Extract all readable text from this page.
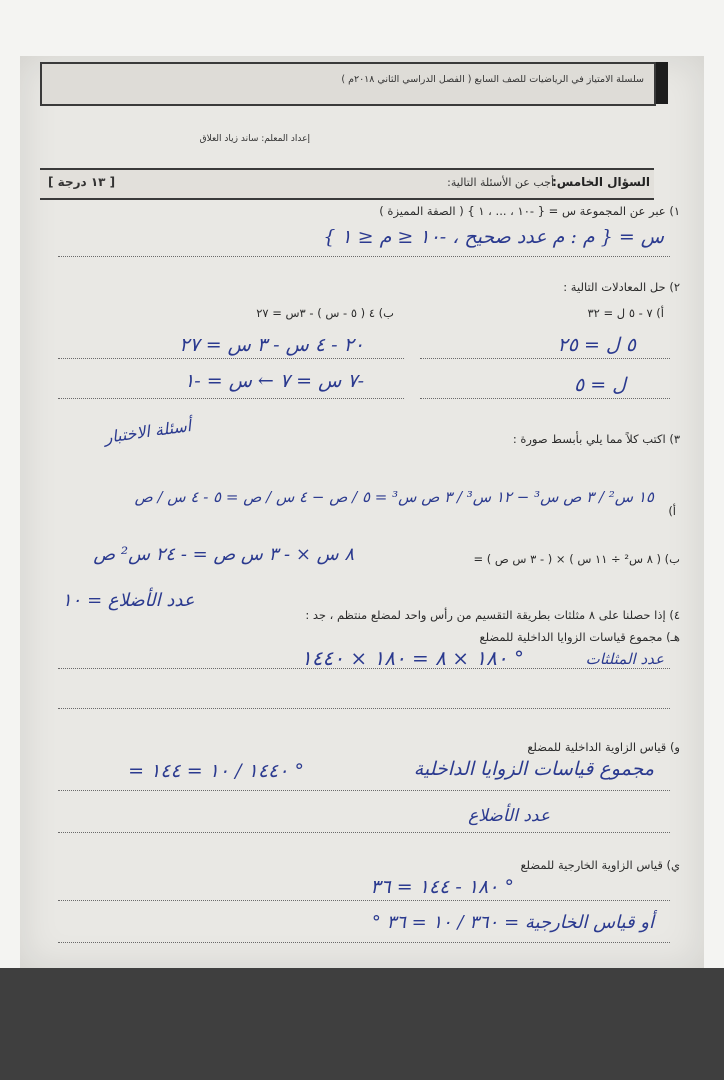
سلسلة الامتياز في الرياضيات للصف السابع ( الفصل الدراسي الثاني ٢٠١٨م )
إعداد المعلم: ساند زياد العلاق
السؤال الخامس:
أجب عن الأسئلة التالية:
[ ١٣ درجة ]
١) عبر عن المجموعة س = { -١٠ ، ... ، ١ } ( الصفة المميزة )
س = { م : م عدد صحيح ، -١٠ ≤ م ≤ ١ }
٢) حل المعادلات التالية :
أ) ٧ - ٥ ل = ٣٢
ب) ٤ ( ٥ - س ) - ٣س = ٢٧
٥ ل = ٢٥
٢٠ - ٤ س - ٣ س = ٢٧
ل = ٥
-٧ س = ٧ ← س = -١
أسئلة الاختبار	٣) اكتب كلاً مما يلي بأبسط صورة :
أ)
١٥ س² / ٣ ص س³ − ١٢ س³ / ٣ ص س³ = ٥ / ص − ٤ س / ص = ٥ - ٤ س / ص
ب) ( ٨ س² ÷ ١١ س ) × ( - ٣ س ص ) =
٨ س × - ٣ س ص = - ٢٤ س² ص
٤) إذا حصلنا على ٨ مثلثات بطريقة التقسيم من رأس واحد لمضلع منتظم ، جد :
عدد الأضلاع = ١٠
هـ) مجموع قياسات الزوايا الداخلية للمضلع
عدد المثلثات
١٨٠ × ٨ = ١٨٠ × ١٤٤٠ °
و) قياس الزاوية الداخلية للمضلع
مجموع قياسات الزوايا الداخلية
= ١٤٤٠ / ١٠ = ١٤٤ °
عدد الأضلاع
ي) قياس الزاوية الخارجية للمضلع
١٨٠ - ١٤٤ = ٣٦ °
أو قياس الخارجية = ٣٦٠ / ١٠ = ٣٦ °
